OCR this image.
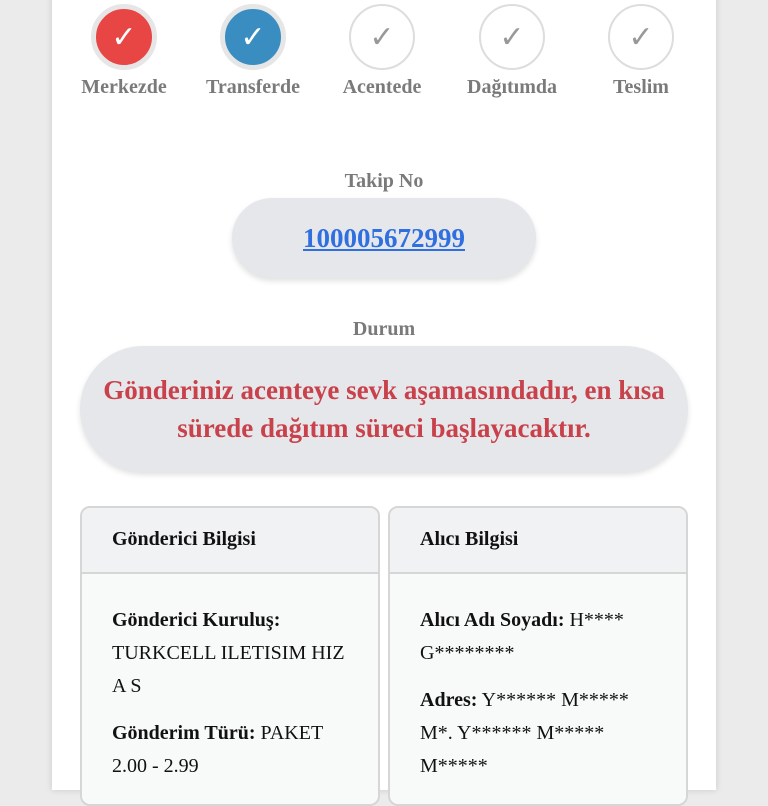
✓
Merkezde
✓
Transferde
✓
Acentede
✓
Dağıtımda
✓
Teslim
Takip No
100005672999
Durum
Gönderiniz acenteye sevk aşamasındadır, en kısa sürede dağıtım süreci başlayacaktır.
Gönderici Bilgisi

Gönderici Kuruluş: TURKCELL ILETISIM HIZ A S

Gönderim Türü: PAKET 2.00 - 2.99

Alıcı Bilgisi

Alıcı Adı Soyadı: H**** G********

Adres: Y****** M***** M*. Y****** M***** M*****
